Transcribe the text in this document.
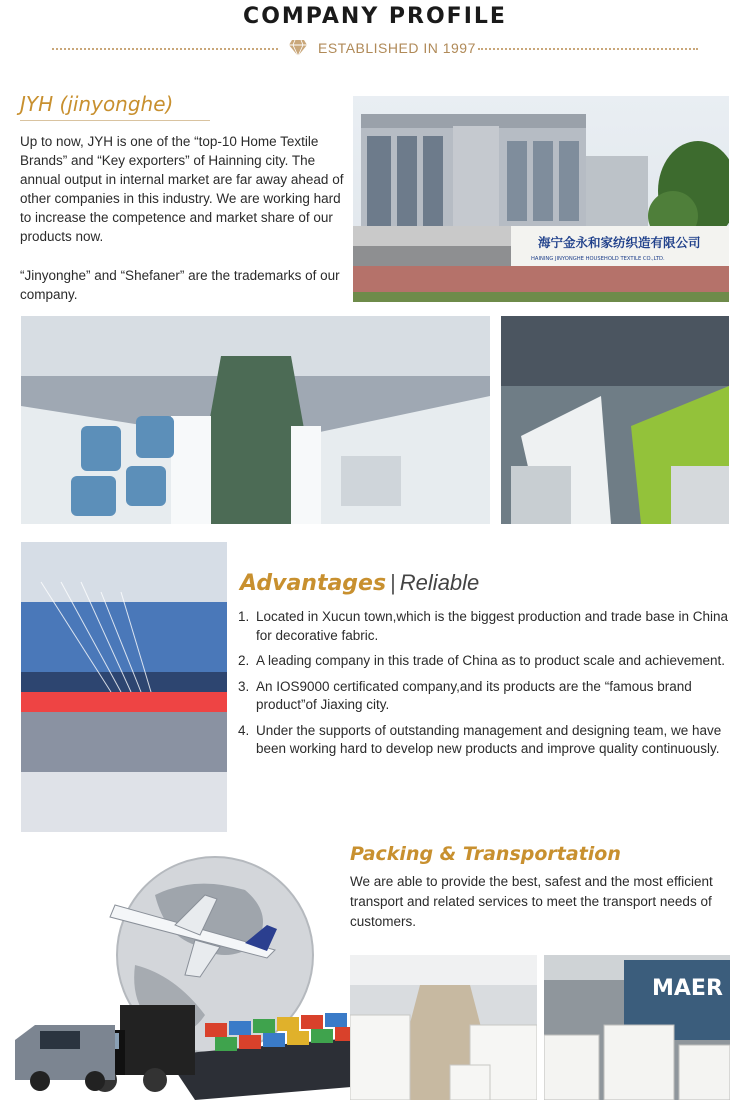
COMPANY PROFILE
ESTABLISHED IN 1997
JYH (jinyonghe)
Up to now, JYH is one of the “top-10 Home Textile Brands” and “Key exporters” of Hainning city. The annual output in internal market are far away ahead of other companies in this industry. We are working hard to increase the competence and market share of our products now.
“Jinyonghe” and “Shefaner” are the trademarks of our company.
海宁金永和家纺织造有限公司
HAINING JINYONGHE HOUSEHOLD TEXTILE CO.,LTD.
Advantages | Reliable
1. Located in Xucun town,which is the biggest production and trade base in China for decorative fabric.
2. A leading company in this trade of China as to product scale and achievement.
3. An IOS9000 certificated company,and its products are the “famous brand product”of Jiaxing city.
4. Under the supports of outstanding management and designing team, we have been working hard to develop new products and improve quality continuously.
Packing & Transportation
We are able to provide the best, safest and the most efficient transport and related services to meet the transport needs of customers.
MAER
